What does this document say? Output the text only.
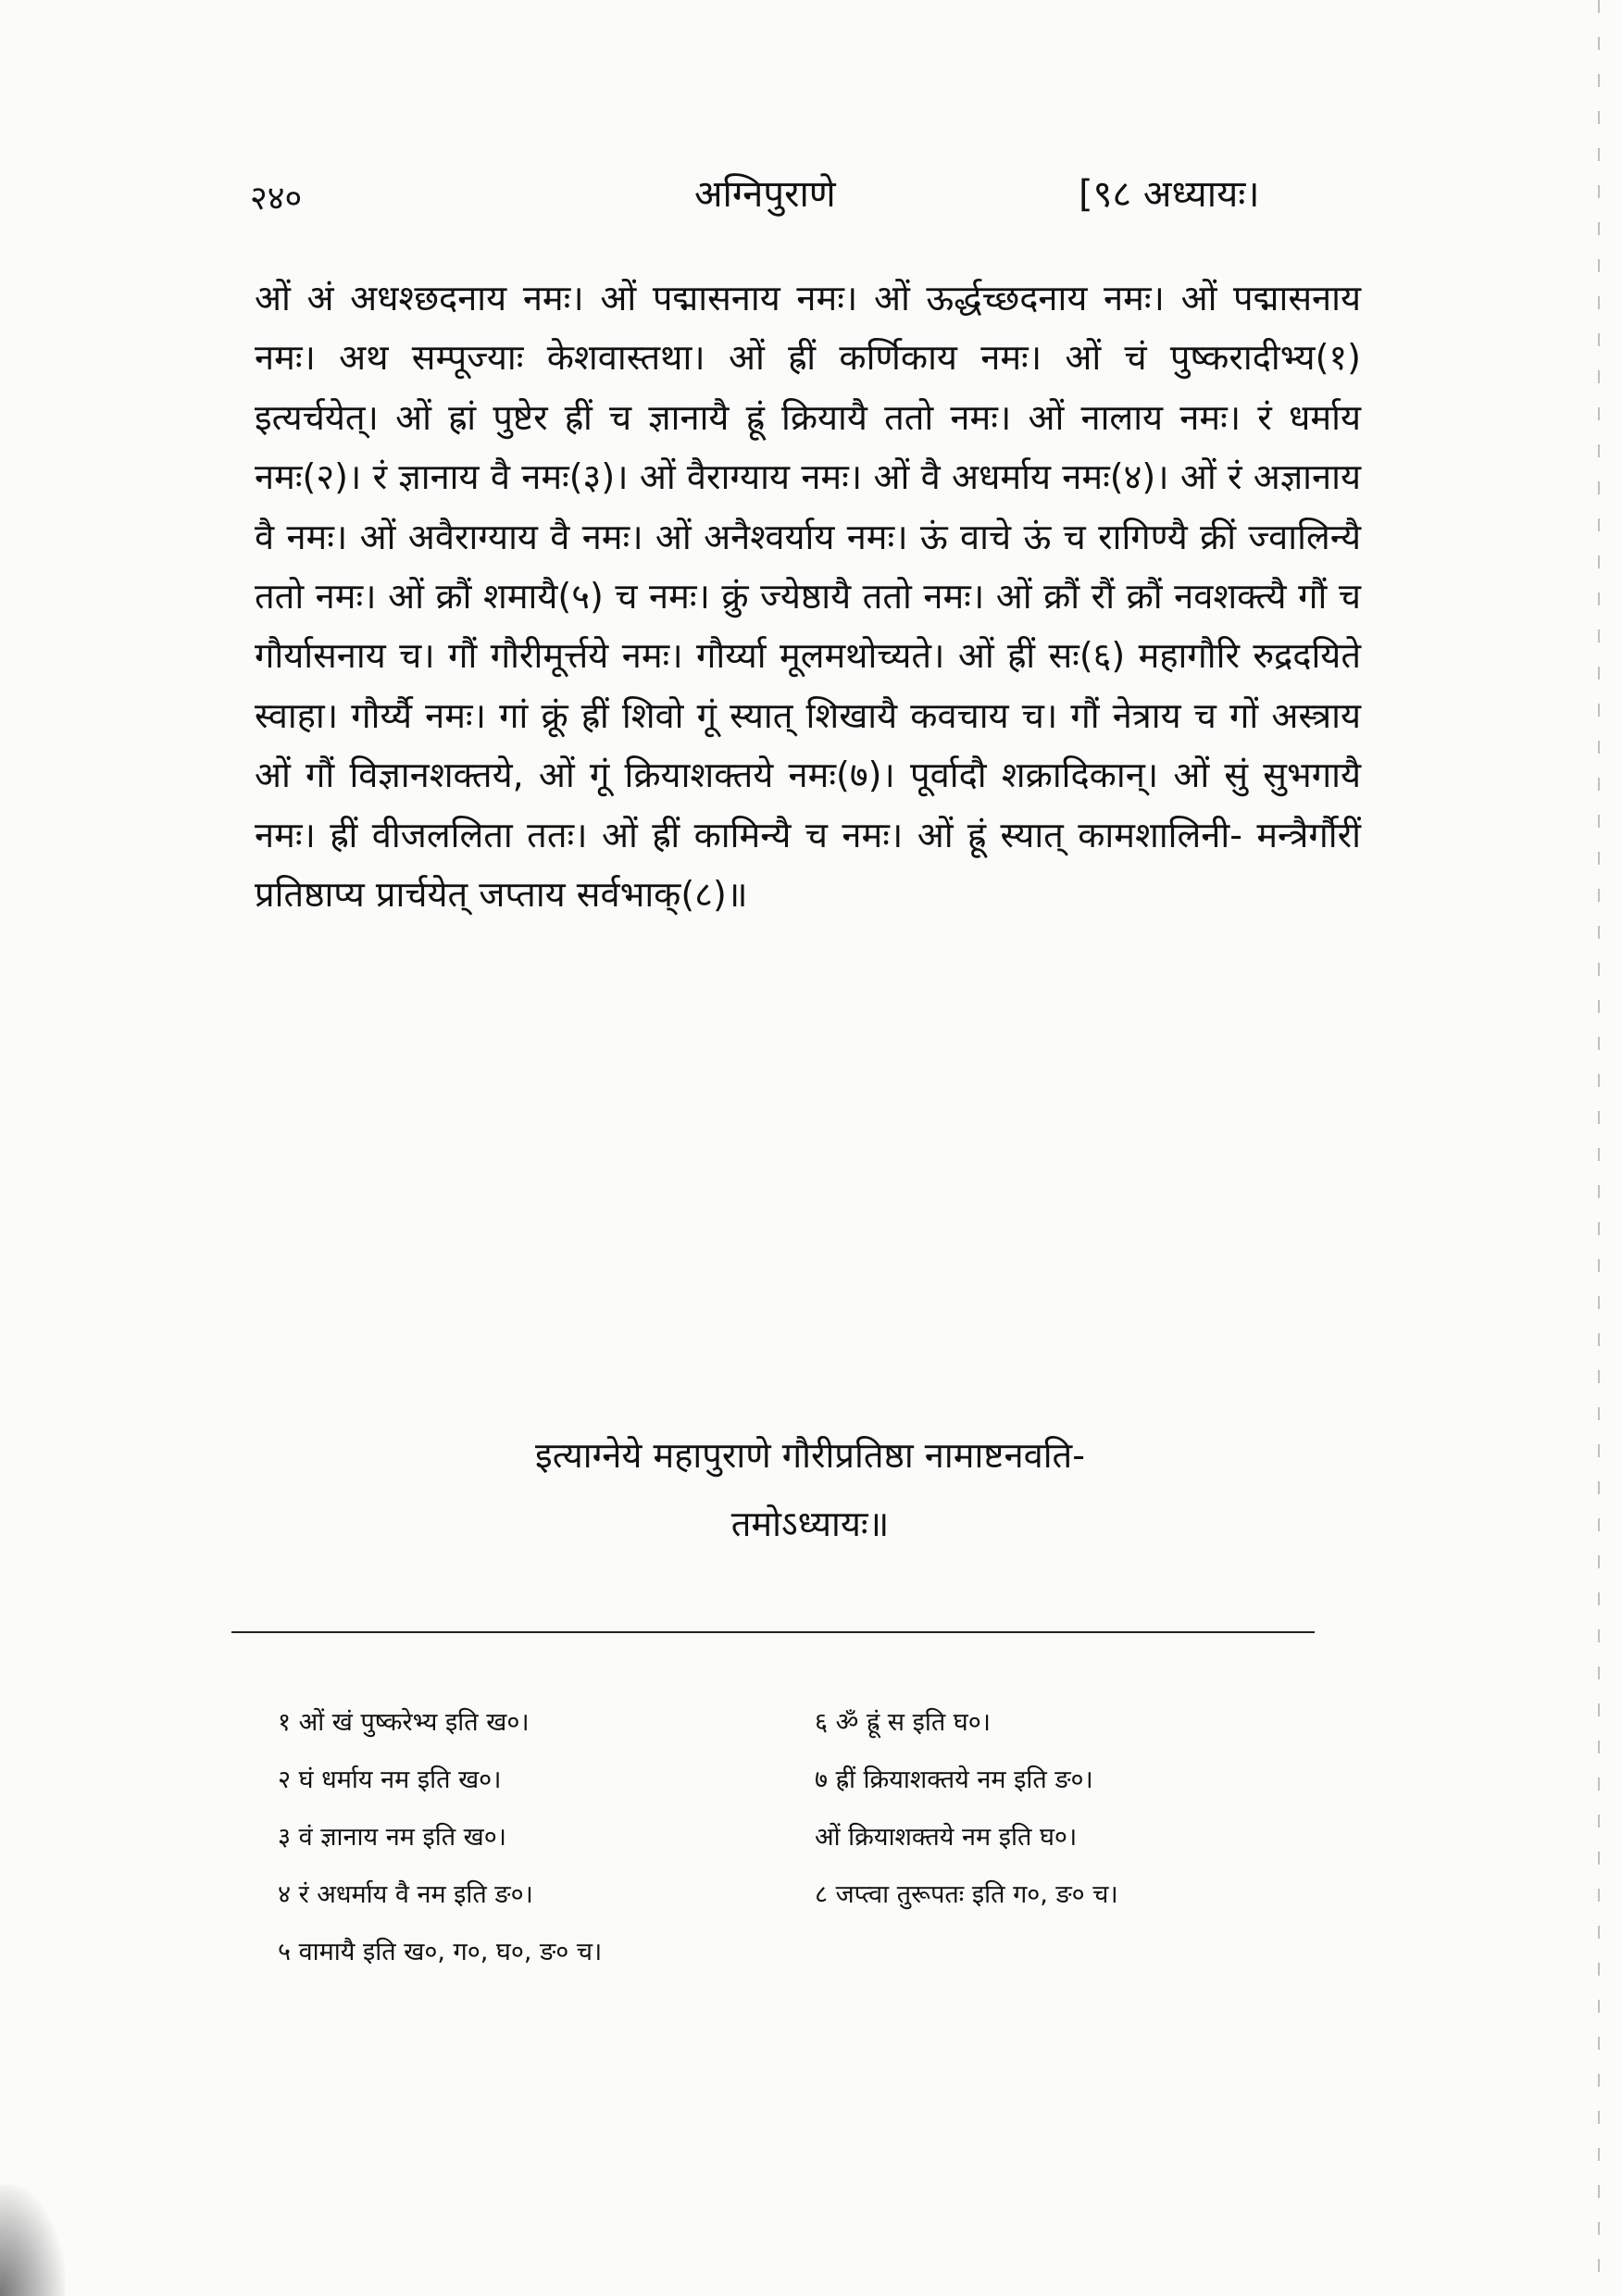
२४०	अग्निपुराणे	[९८ अध्यायः।

ओं अं अधश्छदनाय नमः। ओं पद्मासनाय नमः। ओं ऊर्द्धच्छदनाय नमः। ओं पद्मासनाय नमः। अथ सम्पूज्याः केशवास्तथा। ओं ह्रीं कर्णिकाय नमः। ओं चं पुष्करादीभ्य(१) इत्यर्चयेत्। ओं ह्रां पुष्टेर ह्रीं च ज्ञानायै ह्रूं क्रियायै ततो नमः। ओं नालाय नमः। रं धर्माय नमः(२)। रं ज्ञानाय वै नमः(३)। ओं वैराग्याय नमः। ओं वै अधर्माय नमः(४)। ओं रं अज्ञानाय वै नमः। ओं अवैराग्याय वै नमः। ओं अनैश्वर्याय नमः। ऊं वाचे ऊं च रागिण्यै क्रीं ज्वालिन्यै ततो नमः। ओं क्रौं शमायै(५) च नमः। क्रुं ज्येष्ठायै ततो नमः। ओं क्रौं रौं क्रौं नवशक्त्यै गौं च गौर्यासनाय च। गौं गौरीमूर्त्तये नमः। गौर्य्या मूलमथोच्यते। ओं ह्रीं सः(६) महागौरि रुद्रदयिते स्वाहा। गौर्य्यै नमः। गां क्रूं ह्रीं शिवो गूं स्यात् शिखायै कवचाय च। गौं नेत्राय च गों अस्त्राय ओं गौं विज्ञानशक्तये, ओं गूं क्रियाशक्तये नमः(७)। पूर्वादौ शक्रादिकान्। ओं सुं सुभगायै नमः। ह्रीं वीजललिता ततः। ओं ह्रीं कामिन्यै च नमः। ओं ह्रूं स्यात् कामशालिनी- मन्त्रैर्गौरीं प्रतिष्ठाप्य प्रार्चयेत् जप्ताय सर्वभाक्(८)॥

इत्याग्नेये महापुराणे गौरीप्रतिष्ठा नामाष्टनवति-
तमोऽध्यायः॥
१ ओं खं पुष्करेभ्य इति ख०।
२ घं धर्माय नम इति ख०।
३ वं ज्ञानाय नम इति ख०।
४ रं अधर्माय वै नम इति ङ०।
५ वामायै इति ख०, ग०, घ०, ङ० च।
६ ॐ ह्रूं स इति घ०।
७ ह्रीं क्रियाशक्तये नम इति ङ०।
ओं क्रियाशक्तये नम इति घ०।
८ जप्त्वा तुरूपतः इति ग०, ङ० च।
